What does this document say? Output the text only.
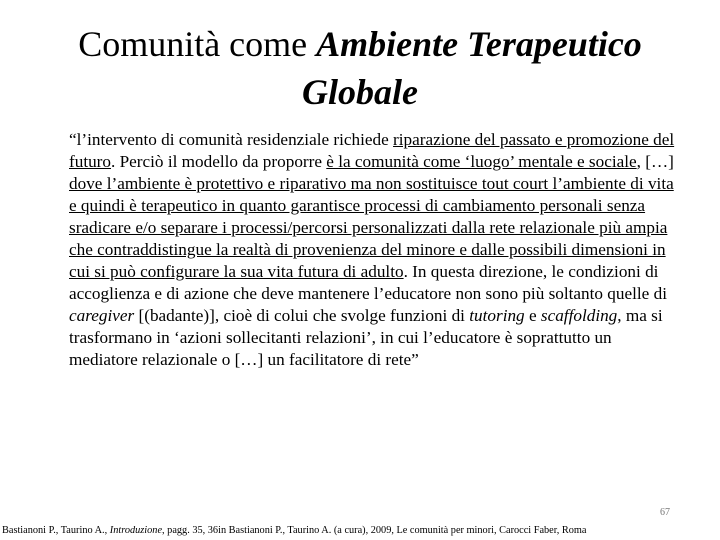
Comunità come Ambiente Terapeutico
Globale

“l’intervento di comunità residenziale richiede riparazione del passato e promozione del futuro. Perciò il modello da proporre è la comunità come ‘luogo’ mentale e sociale, […] dove l’ambiente è protettivo e riparativo ma non sostituisce tout court l’ambiente di vita e quindi è terapeutico in quanto garantisce processi di cambiamento personali senza sradicare e/o separare i processi/percorsi personalizzati dalla rete relazionale più ampia che contraddistingue la realtà di provenienza del minore e dalle possibili dimensioni in cui si può configurare la sua vita futura di adulto. In questa direzione, le condizioni di accoglienza e di azione che deve mantenere l’educatore non sono più soltanto quelle di caregiver [(badante)], cioè di colui che svolge funzioni di tutoring e scaffolding, ma si trasformano in ‘azioni sollecitanti relazioni’, in cui l’educatore è soprattutto un mediatore relazionale o […] un facilitatore di rete”

67
Bastianoni P., Taurino A., Introduzione, pagg. 35, 36in Bastianoni P., Taurino A. (a cura), 2009, Le comunità per minori, Carocci Faber, Roma
